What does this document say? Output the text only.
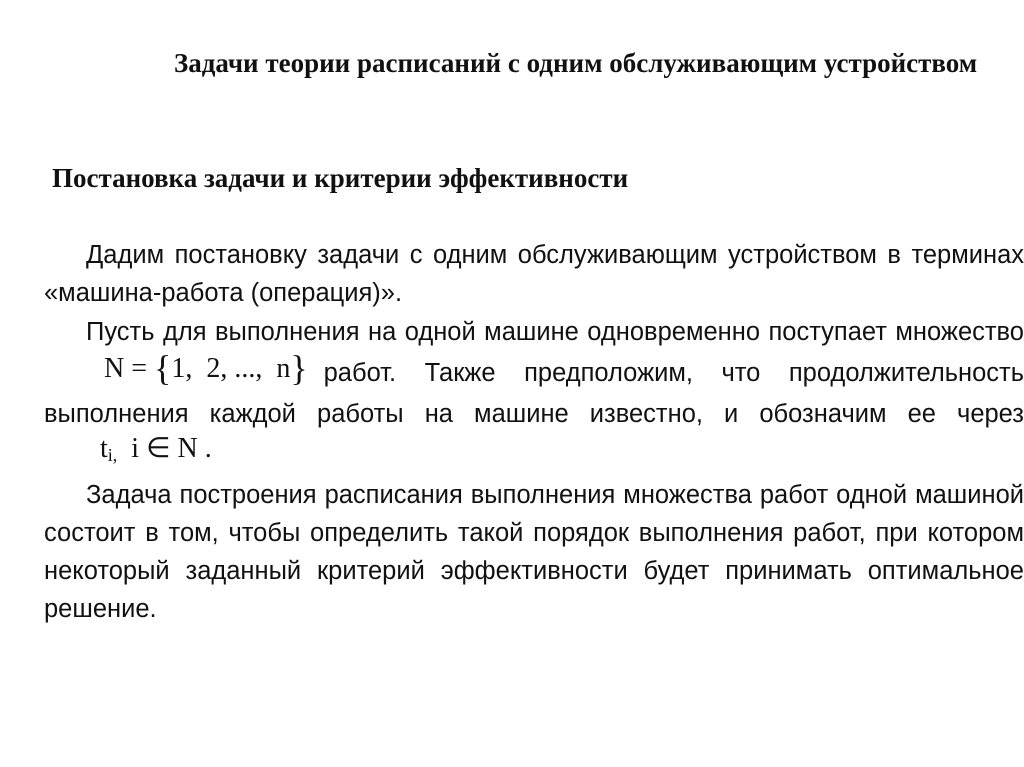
Задачи теории расписаний с одним обслуживающим устройством
Постановка задачи и критерии эффективности

Дадим постановку задачи с одним обслуживающим устройством в терминах «машина-работа (операция)».

Пусть для выполнения на одной машине одновременно поступает множествоN = {1,  2, ...,  n} работ. Также предположим, что продолжительность выполнения каждой работы на машине известно, и обозначим ее черезt$_{i,}$ i ∈ N .

Задача построения расписания выполнения множества работ одной машиной состоит в том, чтобы определить такой порядок выполнения работ, при котором некоторый заданный критерий эффективности будет принимать оптимальное решение.
